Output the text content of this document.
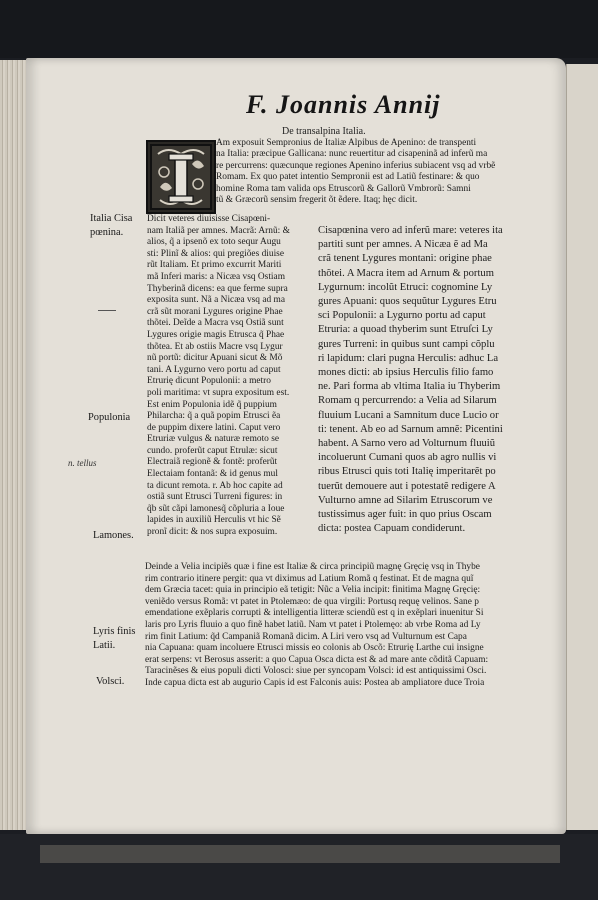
F. Joannis Annij
De transalpina Italia.

Am exposuit Sempronius de Italiæ Alpibus de Apenino: de transpenti

na Italia: præcipue Gallicana: nunc reuertitur ad cisapeninã ad inferũ ma

re percurrens: quæcunque regiones Apenino inferius subiacent vsq ad vrbẽ

Romam. Ex quo patet intentio Sempronii est ad Latiũ festinare: & quo

homine Roma tam valida ops Etruscorũ & Gallorũ Vmbrorũ: Samni

tũ & Græcorũ sensim fregerit õt ẽdere. Itaq; hęc dicit.

Dicit veteres diuisisse Cisapœni-

nam Italiã per amnes. Macrã: Arnũ: &

alios, q̃ a ipsenõ ex toto sequr Augu

sti: Plinĩ & alios: qui pregiões diuise

rũt Italiam. Et primo excurrit Mariti

mã Inferi maris: a Nicæa vsq Ostiam

Thyberinã dicens: ea que ferme supra

exposita sunt. Nã a Nicæa vsq ad ma

crã sũt morani Lygures origine Phae

thõtei. Deĩde a Macra vsq Ostiã sunt

Lygures origie magis Etrusca q̃ Phae

thõtea. Et ab ostiis Macre vsq Lygur

nũ portũ: dicitur Apuani sicut & Mõ

tani. A Lygurno vero portu ad caput

Etrurię dicunt Populonii: a metro

poli maritima: vt supra expositum est.

Est enim Populonia idẽ q̃ puppium

Philarcha: q̃ a quã popim Etrusci ẽa

de puppim dixere latini. Caput vero

Etruriæ vulgus & naturæ remoto se

cundo. proferũt caput Etrulæ: sicut

Electraiã regionẽ & fontẽ: proferũt

Electaiam fontanã: & id genus mul

ta dicunt remota. r. Ab hoc capite ad

ostiã sunt Etrusci Turreni figures: in

q̃b sũt cãpi lamonesq̃ cõpluria a Ioue

lapides in auxiliũ Herculis vt hic Sẽ

pronĩ dicit: & nos supra exposuim.

Cisapœnina vero ad inferũ mare: veteres ita

partiti sunt per amnes. A Nicæa ẽ ad Ma

crã tenent Lygures montani: origine phae

thõtei. A Macra item ad Arnum & portum

Lygurnum: incolũt Etruci: cognomine Ly

gures Apuani: quos sequũtur Lygures Etru

sci Populonii: a Lygurno portu ad caput

Etruria: a quoad thyberim sunt Etruſci Ly

gures Turreni: in quibus sunt campi cõplu

ri lapidum: clari pugna Herculis: adhuc La

mones dicti: ab ipsius Herculis filio famo

ne. Pari forma ab vltima Italia iu Thyberim

Romam q percurrendo: a Velia ad Silarum

fluuium Lucani a Samnitum duce Lucio or

ti: tenent. Ab eo ad Sarnum amnẽ: Picentini

habent. A Sarno vero ad Volturnum fluuiũ

incoluerunt Cumani quos ab agro nullis vi

ribus Etrusci quis toti Italię imperitarẽt po

tuerũt demouere aut i potestatẽ redigere A

Vulturno amne ad Silarim Etruscorum ve

tustissimus ager fuit: in quo prius Oscam

dicta: postea Capuam condiderunt.

Deinde a Velia incipiẽs quæ i fine est Italiæ & circa principiũ magnę Gręcię vsq in Thybe

rim contrario itinere pergit: qua vt diximus ad Latium Romã q festinat. Et de magna quĩ

dem Græcia tacet: quia in principio eã tetigit: Nũc a Velia incipit: finitima Magnę Gręcię:

veniẽdo versus Romã: vt patet in Ptolemæo: de qua virgili: Portusq requę velinos. Sane p

emendatione exẽplaris corrupti & intelligentia litteræ sciendũ est q in exẽplari inuenitur Si

laris pro Lyris fluuio a quo finẽ habet latiũ. Nam vt patet i Ptolemęo: ab vrbe Roma ad Ly

rim finit Latium: q̃d Campaniã Romanã dicim. A Liri vero vsq ad Vulturnum est Capa

nia Capuana: quam incoluere Etrusci missis eo colonis ab Oscõ: Etrurię Larthe cui insigne

erat serpens: vt Berosus asserit: a quo Capua Osca dicta est & ad mare ante cõditã Capuam:

Taracinẽses & eius populi dicti Volosci: siue per syncopam Volsci: id est antiquissimi Osci.

Inde capua dicta est ab augurio Capis id est Falconis auis: Postea ab ampliatore duce Troia

Italia Cisa
pœnina.
Populonia
n. tellus
Lamones.
Lyris finis
Latii.
Volsci.
